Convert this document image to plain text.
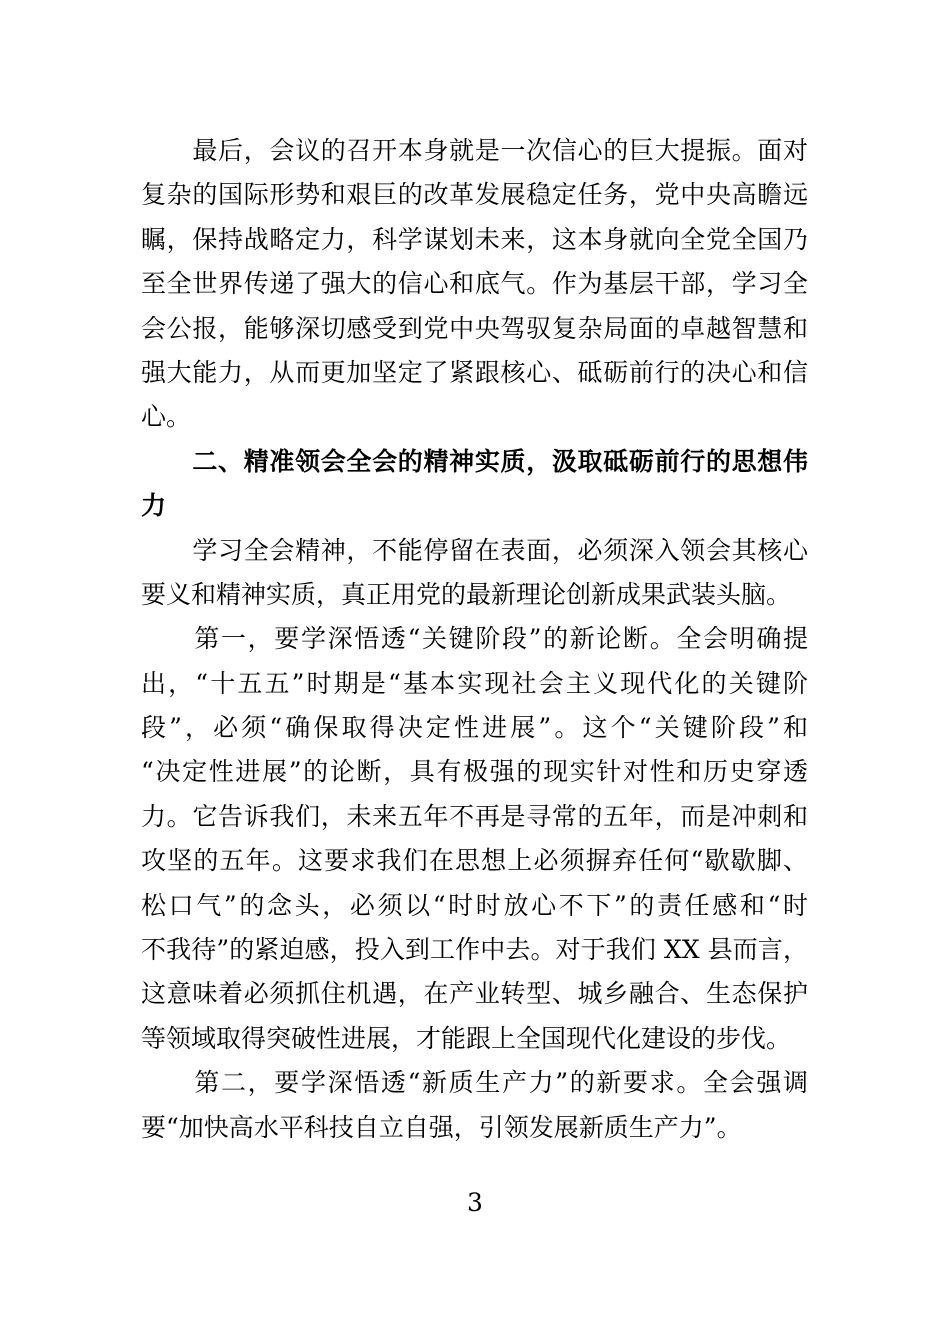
　　最后，会议的召开本身就是一次信心的巨大提振。面对
复杂的国际形势和艰巨的改革发展稳定任务，党中央高瞻远
瞩，保持战略定力，科学谋划未来，这本身就向全党全国乃
至全世界传递了强大的信心和底气。作为基层干部，学习全
会公报，能够深切感受到党中央驾驭复杂局面的卓越智慧和
强大能力，从而更加坚定了紧跟核心、砥砺前行的决心和信
心。
　　二、精准领会全会的精神实质，汲取砥砺前行的思想伟
力
　　学习全会精神，不能停留在表面，必须深入领会其核心
要义和精神实质，真正用党的最新理论创新成果武装头脑。
　　第一，要学深悟透“关键阶段”的新论断。全会明确提
出，“十五五”时期是“基本实现社会主义现代化的关键阶
段”，必须“确保取得决定性进展”。这个“关键阶段”和
“决定性进展”的论断，具有极强的现实针对性和历史穿透
力。它告诉我们，未来五年不再是寻常的五年，而是冲刺和
攻坚的五年。这要求我们在思想上必须摒弃任何“歇歇脚、
松口气”的念头，必须以“时时放心不下”的责任感和“时
不我待”的紧迫感，投入到工作中去。对于我们 XX 县而言，
这意味着必须抓住机遇，在产业转型、城乡融合、生态保护
等领域取得突破性进展，才能跟上全国现代化建设的步伐。
　　第二，要学深悟透“新质生产力”的新要求。全会强调
要“加快高水平科技自立自强，引领发展新质生产力”。
3
